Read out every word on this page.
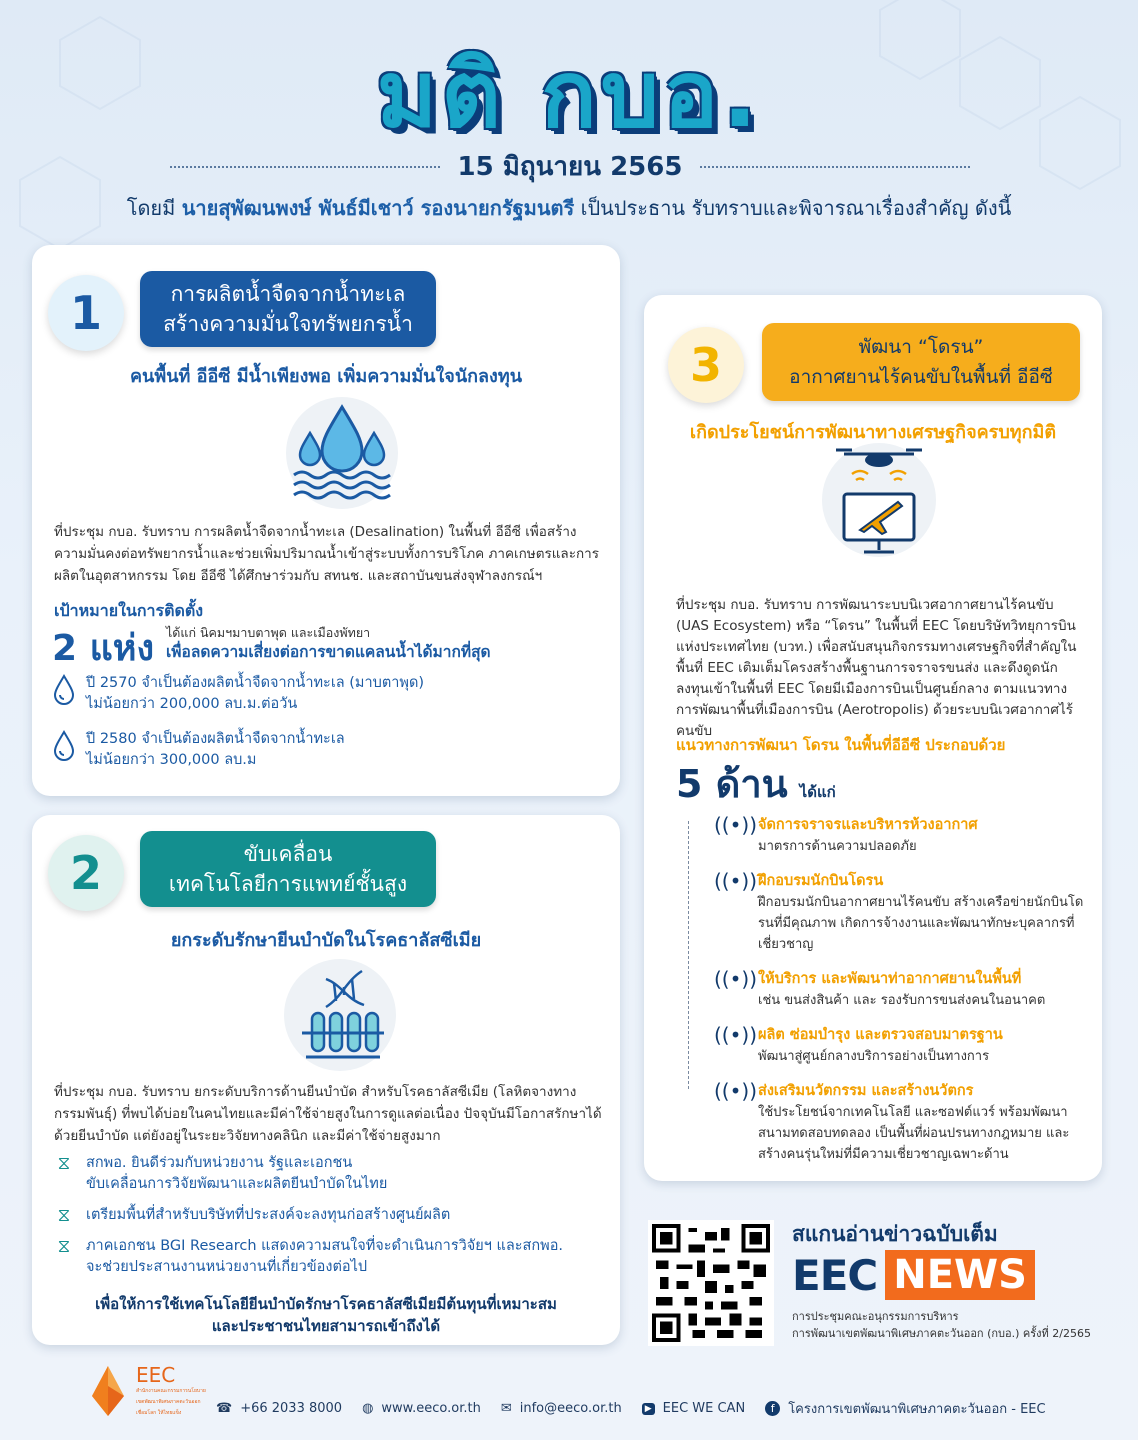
มติ กบอ.
15 มิถุนายน 2565
โดยมี นายสุพัฒนพงษ์ พันธ์มีเชาว์ รองนายกรัฐมนตรี เป็นประธาน รับทราบและพิจารณาเรื่องสำคัญ ดังนี้
1	การผลิตน้ำจืดจากน้ำทะเล
สร้างความมั่นใจทรัพยกรน้ำ
คนพื้นที่ อีอีซี มีน้ำเพียงพอ เพิ่มความมั่นใจนักลงทุน
ที่ประชุม กบอ. รับทราบ การผลิตน้ำจืดจากน้ำทะเล (Desalination) ในพื้นที่ อีอีซี เพื่อสร้างความมั่นคงต่อทรัพยากรน้ำและช่วยเพิ่มปริมาณน้ำเข้าสู่ระบบทั้งการบริโภค ภาคเกษตรและการผลิตในอุตสาหกรรม โดย อีอีซี ได้ศึกษาร่วมกับ สทนช. และสถาบันขนส่งจุฬาลงกรณ์ฯ
เป้าหมายในการติดตั้ง
2 แห่ง ได้แก่ นิคมฯมาบตาพุด และเมืองพัทยา
เพื่อลดความเสี่ยงต่อการขาดแคลนน้ำได้มากที่สุด
ปี 2570 จำเป็นต้องผลิตน้ำจืดจากน้ำทะเล (มาบตาพุด)
ไม่น้อยกว่า 200,000 ลบ.ม.ต่อวัน
ปี 2580 จำเป็นต้องผลิตน้ำจืดจากน้ำทะเล
ไม่น้อยกว่า 300,000 ลบ.ม
2	ขับเคลื่อน
เทคโนโลยีการแพทย์ชั้นสูง
ยกระดับรักษายีนบำบัดในโรคธาลัสซีเมีย
ที่ประชุม กบอ. รับทราบ ยกระดับบริการด้านยีนบำบัด สำหรับโรคธาลัสซีเมีย (โลหิตจางทางกรรมพันธุ์) ที่พบได้บ่อยในคนไทยและมีค่าใช้จ่ายสูงในการดูแลต่อเนื่อง ปัจจุบันมีโอกาสรักษาได้ด้วยยีนบำบัด แต่ยังอยู่ในระยะวิจัยทางคลินิก และมีค่าใช้จ่ายสูงมาก
⧖	สกพอ. ยินดีร่วมกับหน่วยงาน รัฐและเอกชน
ขับเคลื่อนการวิจัยพัฒนาและผลิตยีนบำบัดในไทย
⧖	เตรียมพื้นที่สำหรับบริษัทที่ประสงค์จะลงทุนก่อสร้างศูนย์ผลิต
⧖	ภาคเอกชน BGI Research แสดงความสนใจที่จะดำเนินการวิจัยฯ และสกพอ.
จะช่วยประสานงานหน่วยงานที่เกี่ยวข้องต่อไป
เพื่อให้การใช้เทคโนโลยียีนบำบัดรักษาโรคธาลัสซีเมียมีต้นทุนที่เหมาะสม
และประชาชนไทยสามารถเข้าถึงได้
3	พัฒนา “โดรน”
อากาศยานไร้คนขับในพื้นที่ อีอีซี
เกิดประโยชน์การพัฒนาทางเศรษฐกิจครบทุกมิติ
ที่ประชุม กบอ. รับทราบ การพัฒนาระบบนิเวศอากาศยานไร้คนขับ (UAS Ecosystem) หรือ “โดรน” ในพื้นที่ EEC โดยบริษัทวิทยุการบินแห่งประเทศไทย (บวท.) เพื่อสนับสนุนกิจกรรมทางเศรษฐกิจที่สำคัญในพื้นที่ EEC เติมเต็มโครงสร้างพื้นฐานการจราจรขนส่ง และดึงดูดนักลงทุนเข้าในพื้นที่ EEC โดยมีเมืองการบินเป็นศูนย์กลาง ตามแนวทางการพัฒนาพื้นที่เมืองการบิน (Aerotropolis) ด้วยระบบนิเวศอากาศไร้คนขับ
แนวทางการพัฒนา โดรน ในพื้นที่อีอีซี ประกอบด้วย
5 ด้าน ได้แก่
((•)) จัดการจราจรและบริหารห้วงอากาศ
มาตรการด้านความปลอดภัย
((•)) ฝึกอบรมนักบินโดรน
ฝึกอบรมนักบินอากาศยานไร้คนขับ สร้างเครือข่ายนักบินโดรนที่มีคุณภาพ เกิดการจ้างงานและพัฒนาทักษะบุคลากรที่เชี่ยวชาญ
((•)) ให้บริการ และพัฒนาท่าอากาศยานในพื้นที่
เช่น ขนส่งสินค้า และ รองรับการขนส่งคนในอนาคต
((•)) ผลิต ซ่อมบำรุง และตรวจสอบมาตรฐาน
พัฒนาสู่ศูนย์กลางบริการอย่างเป็นทางการ
((•)) ส่งเสริมนวัตกรรม และสร้างนวัตกร
ใช้ประโยชน์จากเทคโนโลยี และซอฟต์แวร์ พร้อมพัฒนาสนามทดสอบทดลอง เป็นพื้นที่ผ่อนปรนทางกฎหมาย และสร้างคนรุ่นใหม่ที่มีความเชี่ยวชาญเฉพาะด้าน
สแกนอ่านข่าวฉบับเต็ม
EEC NEWS
การประชุมคณะอนุกรรมการบริหาร
การพัฒนาเขตพัฒนาพิเศษภาคตะวันออก (กบอ.) ครั้งที่ 2/2565
EEC
สำนักงานคณะกรรมการนโยบายเขตพัฒนาพิเศษภาคตะวันออก
เชื่อมโลก ให้ไทยแข็ง	☎ +66 2033 8000 ◍ www.eeco.or.th ✉ info@eeco.or.th	▶ EEC WE CAN	f	โครงการเขตพัฒนาพิเศษภาคตะวันออก - EEC
